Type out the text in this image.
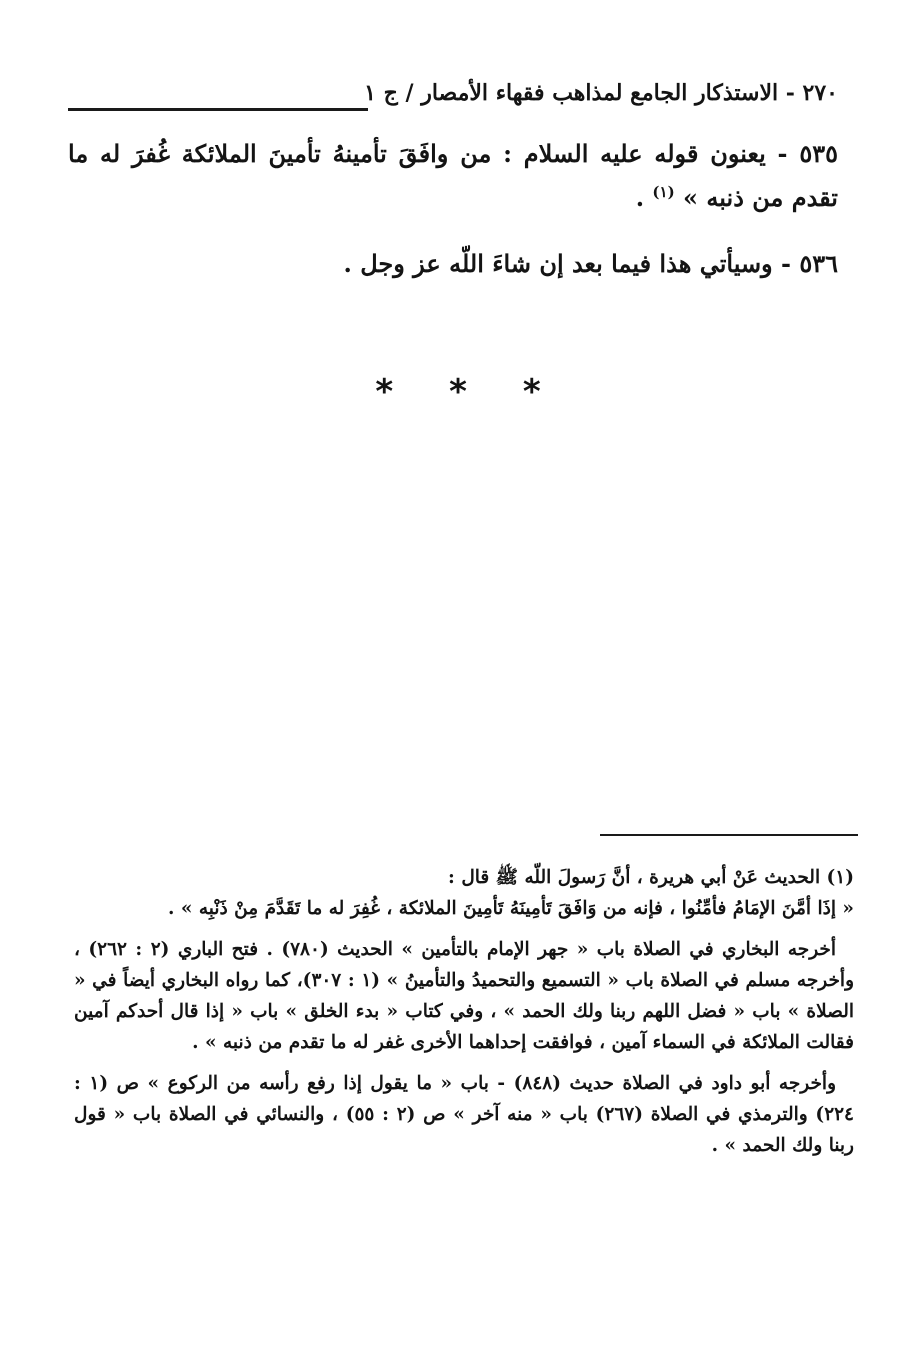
٢٧٠ - الاستذكار الجامع لمذاهب فقهاء الأمصار / ج ١

٥٣٥ - يعنون قوله عليه السلام : من وافَقَ تأمينهُ تأمينَ الملائكة غُفرَ له ما تقدم من ذنبه » $^{(١)}$ .

٥٣٦ - وسيأتي هذا فيما بعد إن شاءَ اللّه عز وجل .

* * *

(١) الحديث عَنْ أبي هريرة ، أنَّ رَسولَ اللّه ﷺ قال :

« إذَا أمَّنَ الإمَامُ فأمِّنُوا ، فإنه من وَافَقَ تَأمِينَهُ تَأمِينَ الملائكة ، غُفِرَ له ما تَقَدَّمَ مِنْ ذَنْبِه » .

أخرجه البخاري في الصلاة باب « جهر الإمام بالتأمين » الحديث (٧٨٠) . فتح الباري (٢ : ٢٦٢) ، وأخرجه مسلم في الصلاة باب « التسميع والتحميدُ والتأمينُ » (١ : ٣٠٧)، كما رواه البخاري أيضاً في « الصلاة » باب « فضل اللهم ربنا ولك الحمد » ، وفي كتاب « بدء الخلق » باب « إذا قال أحدكم آمين فقالت الملائكة في السماء آمين ، فوافقت إحداهما الأخرى غفر له ما تقدم من ذنبه » .

وأخرجه أبو داود في الصلاة حديث (٨٤٨) - باب « ما يقول إذا رفع رأسه من الركوع » ص (١ : ٢٢٤) والترمذي في الصلاة (٢٦٧) باب « منه آخر » ص (٢ : ٥٥) ، والنسائي في الصلاة باب « قول ربنا ولك الحمد » .
